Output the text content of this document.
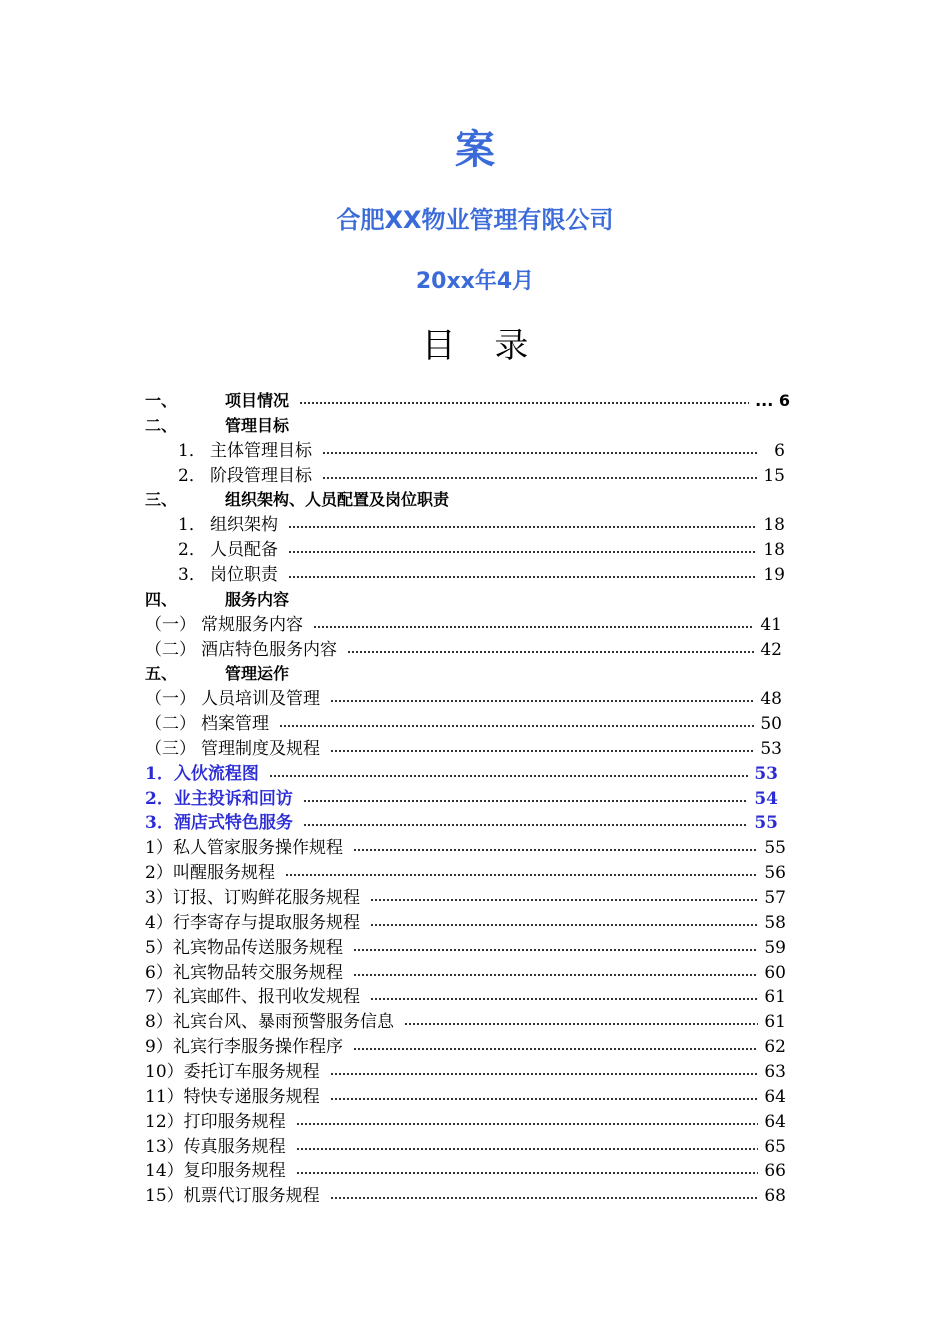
案
合肥XX物业管理有限公司
20xx年4月
目 录
一、	项目情况	... 6
二、	管理目标
1． 主体管理目标	6
2． 阶段管理目标	15
三、	组织架构、人员配置及岗位职责
1． 组织架构	18
2． 人员配备	18
3． 岗位职责	19
四、	服务内容
（一） 常规服务内容	41
（二） 酒店特色服务内容	42
五、	管理运作
（一） 人员培训及管理	48
（二） 档案管理	50
（三） 管理制度及规程	53
1． 入伙流程图	53
2． 业主投诉和回访	54
3． 酒店式特色服务	55
1） 私人管家服务操作规程	55
2） 叫醒服务规程	56
3） 订报、订购鲜花服务规程	57
4） 行李寄存与提取服务规程	58
5） 礼宾物品传送服务规程	59
6） 礼宾物品转交服务规程	60
7） 礼宾邮件、报刊收发规程	61
8） 礼宾台风、暴雨预警服务信息	61
9） 礼宾行李服务操作程序	62
10） 委托订车服务规程	63
11） 特快专递服务规程	64
12） 打印服务规程	64
13） 传真服务规程	65
14） 复印服务规程	66
15） 机票代订服务规程	68
